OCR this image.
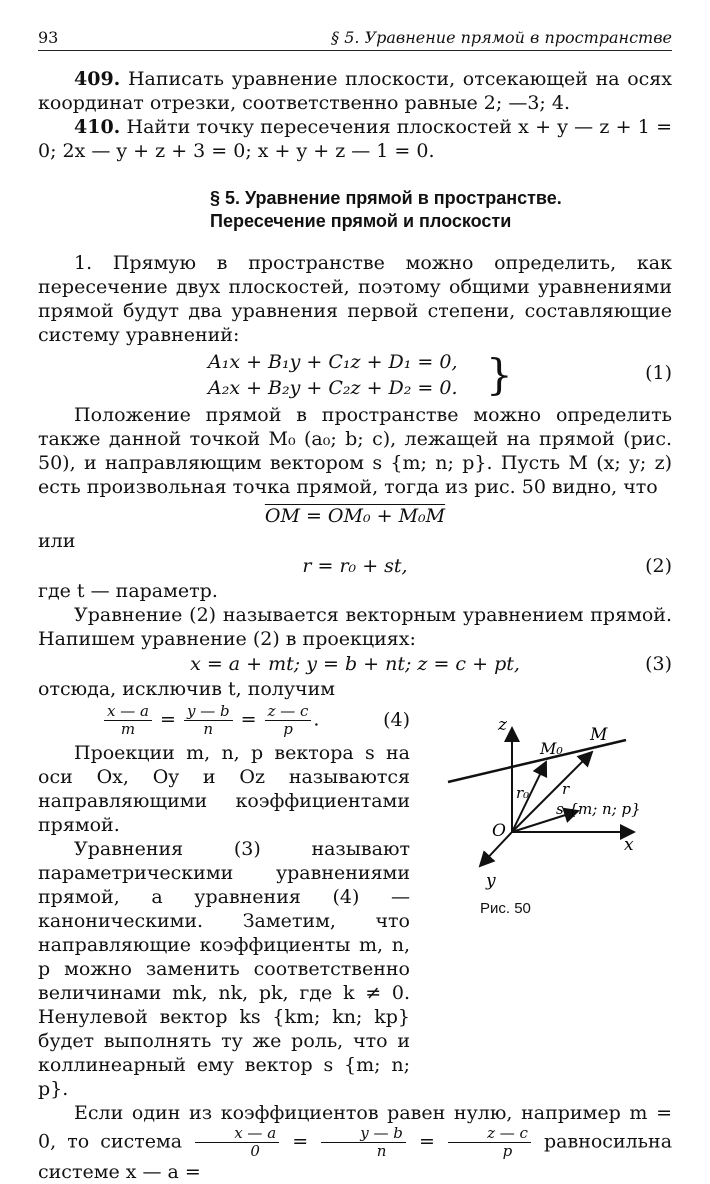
93	§ 5. Уравнение прямой в пространстве

409. Написать уравнение плоскости, отсекающей на осях координат отрезки, соответственно равные 2; —3; 4.

410. Найти точку пересечения плоскостей x + y — z + 1 = 0; 2x — y + z + 3 = 0; x + y + z — 1 = 0.

§ 5. Уравнение прямой в пространстве. Пересечение прямой и плоскости

1. Прямую в пространстве можно определить, как пересечение двух плоскостей, поэтому общими уравнениями прямой будут два уравнения первой степени, составляющие систему уравнений:

A₁x + B₁y + C₁z + D₁ = 0,
A₂x + B₂y + C₂z + D₂ = 0. }	(1)

Положение прямой в пространстве можно определить также данной точкой M₀ (a₀; b; c), лежащей на прямой (рис. 50), и направляющим вектором s {m; n; p}. Пусть M (x; y; z) есть произвольная точка прямой, тогда из рис. 50 видно, что

OM = OM₀ + M₀M
или
r = r₀ + st,	(2)

где t — параметр.

Уравнение (2) называется векторным уравнением прямой. Напишем уравнение (2) в проекциях:

x = a + mt; y = b + nt; z = c + pt,	(3)

отсюда, исключив t, получим

$\frac{x — a}{m} = \frac{y — b}{n} = \frac{z — c}{p}$ .	(4)

Проекции m, n, p вектора s на оси Ox, Oy и Oz называются направляющими коэффициентами прямой.

Уравнения (3) называют параметрическими уравнениями прямой, а уравнения (4) — каноническими. Заметим, что направляющие коэффициенты m, n, p можно заменить соответственно величинами mk, nk, pk, где k ≠ 0. Ненулевой вектор ks {km; kn; kp} будет выполнять ту же роль, что и коллинеарный ему вектор s {m; n; p}.

Если один из коэффициентов равен нулю, например m = 0, то система $\frac{x — a}{0} = \frac{y — b}{n} = \frac{z — c}{p}$ равносильна системе x — a =

z
y
x
O
M₀
M
r₀ r
s {m; n; p}
Рис. 50
